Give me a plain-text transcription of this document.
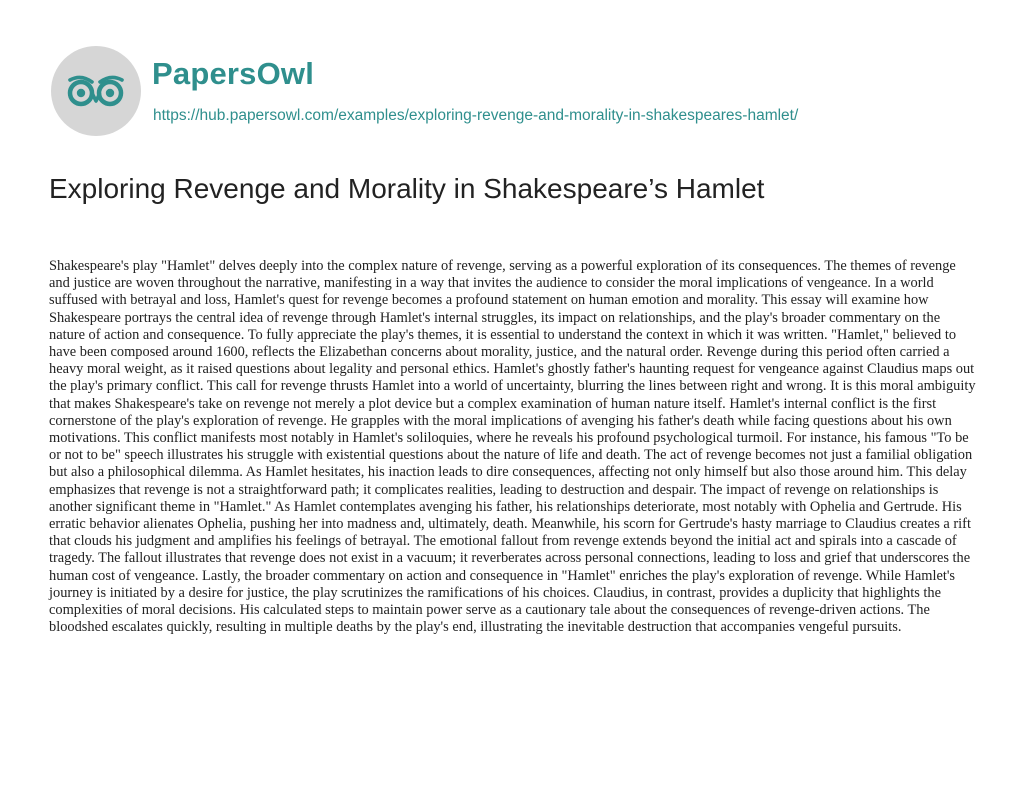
PapersOwl
https://hub.papersowl.com/examples/exploring-revenge-and-morality-in-shakespeares-hamlet/
Exploring Revenge and Morality in Shakespeare’s Hamlet

Shakespeare's play "Hamlet" delves deeply into the complex nature of revenge, serving as a powerful exploration of its consequences. The themes of revenge and justice are woven throughout the narrative, manifesting in a way that invites the audience to consider the moral implications of vengeance. In a world suffused with betrayal and loss, Hamlet's quest for revenge becomes a profound statement on human emotion and morality. This essay will examine how Shakespeare portrays the central idea of revenge through Hamlet's internal struggles, its impact on relationships, and the play's broader commentary on the nature of action and consequence. To fully appreciate the play's themes, it is essential to understand the context in which it was written. "Hamlet," believed to have been composed around 1600, reflects the Elizabethan concerns about morality, justice, and the natural order. Revenge during this period often carried a heavy moral weight, as it raised questions about legality and personal ethics. Hamlet's ghostly father's haunting request for vengeance against Claudius maps out the play's primary conflict. This call for revenge thrusts Hamlet into a world of uncertainty, blurring the lines between right and wrong. It is this moral ambiguity that makes Shakespeare's take on revenge not merely a plot device but a complex examination of human nature itself. Hamlet's internal conflict is the first cornerstone of the play's exploration of revenge. He grapples with the moral implications of avenging his father's death while facing questions about his own motivations. This conflict manifests most notably in Hamlet's soliloquies, where he reveals his profound psychological turmoil. For instance, his famous "To be or not to be" speech illustrates his struggle with existential questions about the nature of life and death. The act of revenge becomes not just a familial obligation but also a philosophical dilemma. As Hamlet hesitates, his inaction leads to dire consequences, affecting not only himself but also those around him. This delay emphasizes that revenge is not a straightforward path; it complicates realities, leading to destruction and despair. The impact of revenge on relationships is another significant theme in "Hamlet." As Hamlet contemplates avenging his father, his relationships deteriorate, most notably with Ophelia and Gertrude. His erratic behavior alienates Ophelia, pushing her into madness and, ultimately, death. Meanwhile, his scorn for Gertrude's hasty marriage to Claudius creates a rift that clouds his judgment and amplifies his feelings of betrayal. The emotional fallout from revenge extends beyond the initial act and spirals into a cascade of tragedy. The fallout illustrates that revenge does not exist in a vacuum; it reverberates across personal connections, leading to loss and grief that underscores the human cost of vengeance. Lastly, the broader commentary on action and consequence in "Hamlet" enriches the play's exploration of revenge. While Hamlet's journey is initiated by a desire for justice, the play scrutinizes the ramifications of his choices. Claudius, in contrast, provides a duplicity that highlights the complexities of moral decisions. His calculated steps to maintain power serve as a cautionary tale about the consequences of revenge-driven actions. The bloodshed escalates quickly, resulting in multiple deaths by the play's end, illustrating the inevitable destruction that accompanies vengeful pursuits.
